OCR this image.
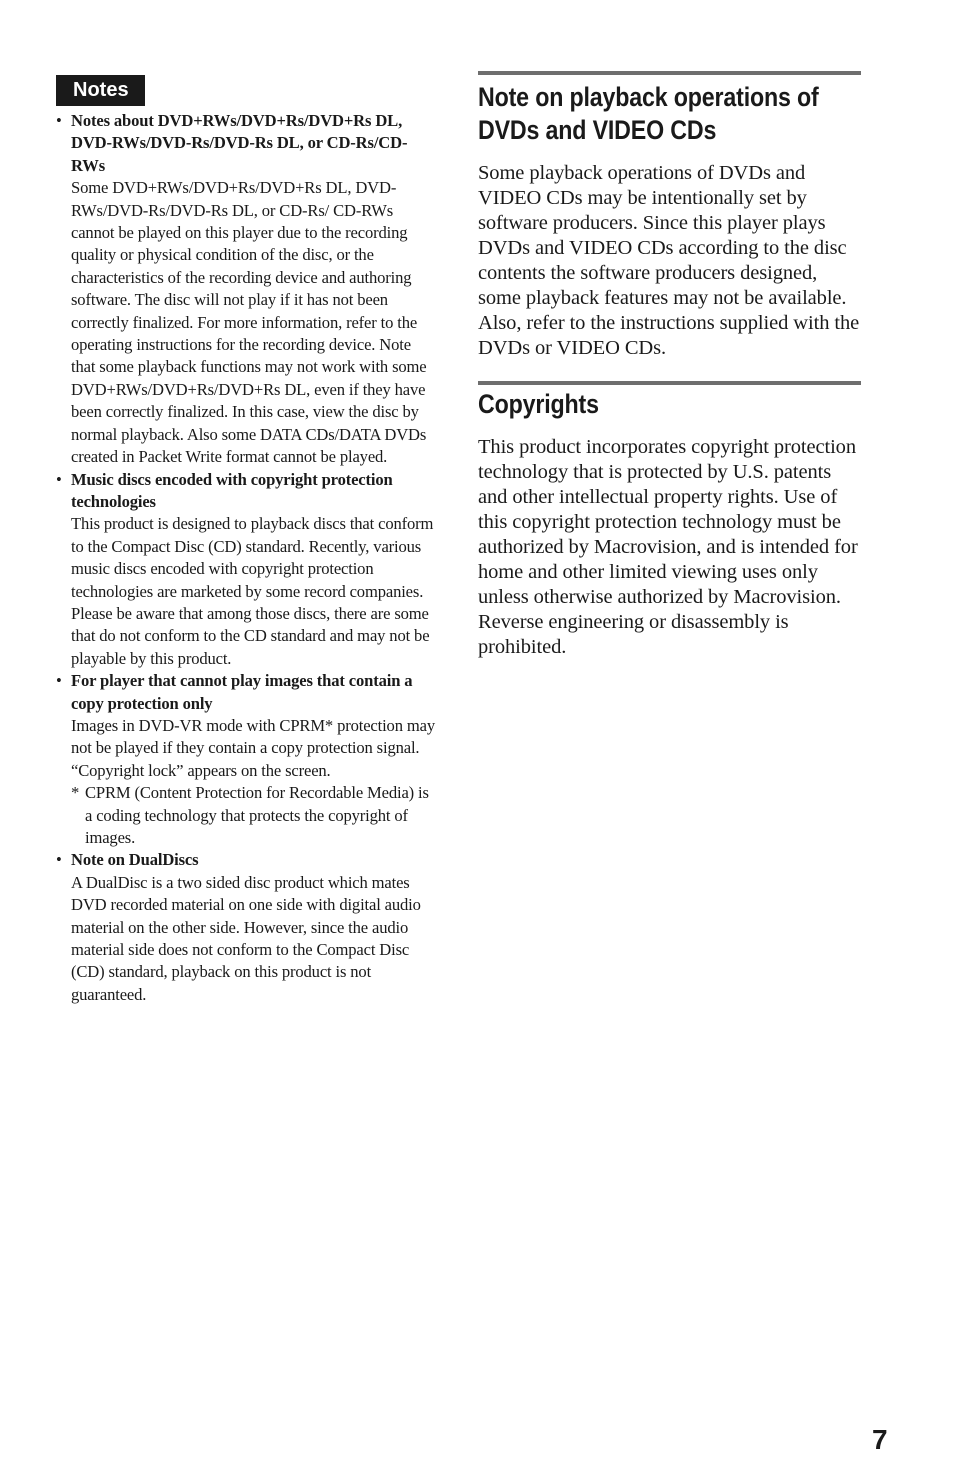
Notes
• Notes about DVD+RWs/DVD+Rs/DVD+Rs DL, DVD-RWs/DVD-Rs/DVD-Rs DL, or CD-Rs/CD-RWs
Some DVD+RWs/DVD+Rs/DVD+Rs DL, DVD-RWs/DVD-Rs/DVD-Rs DL, or CD-Rs/ CD-RWs cannot be played on this player due to the recording quality or physical condition of the disc, or the characteristics of the recording device and authoring software. The disc will not play if it has not been correctly finalized. For more information, refer to the operating instructions for the recording device. Note that some playback functions may not work with some DVD+RWs/DVD+Rs/DVD+Rs DL, even if they have been correctly finalized. In this case, view the disc by normal playback. Also some DATA CDs/DATA DVDs created in Packet Write format cannot be played.
• Music discs encoded with copyright protection technologies
This product is designed to playback discs that conform to the Compact Disc (CD) standard. Recently, various music discs encoded with copyright protection technologies are marketed by some record companies. Please be aware that among those discs, there are some that do not conform to the CD standard and may not be playable by this product.
• For player that cannot play images that contain a copy protection only
Images in DVD-VR mode with CPRM* protection may not be played if they contain a copy protection signal. “Copyright lock” appears on the screen.
* CPRM (Content Protection for Recordable Media) is a coding technology that protects the copyright of images.
• Note on DualDiscs
A DualDisc is a two sided disc product which mates DVD recorded material on one side with digital audio material on the other side. However, since the audio material side does not conform to the Compact Disc (CD) standard, playback on this product is not guaranteed.
Note on playback operations of DVDs and VIDEO CDs

Some playback operations of DVDs and VIDEO CDs may be intentionally set by software producers. Since this player plays DVDs and VIDEO CDs according to the disc contents the software producers designed, some playback features may not be available. Also, refer to the instructions supplied with the DVDs or VIDEO CDs.

Copyrights

This product incorporates copyright protection technology that is protected by U.S. patents and other intellectual property rights. Use of this copyright protection technology must be authorized by Macrovision, and is intended for home and other limited viewing uses only unless otherwise authorized by Macrovision. Reverse engineering or disassembly is prohibited.

7
